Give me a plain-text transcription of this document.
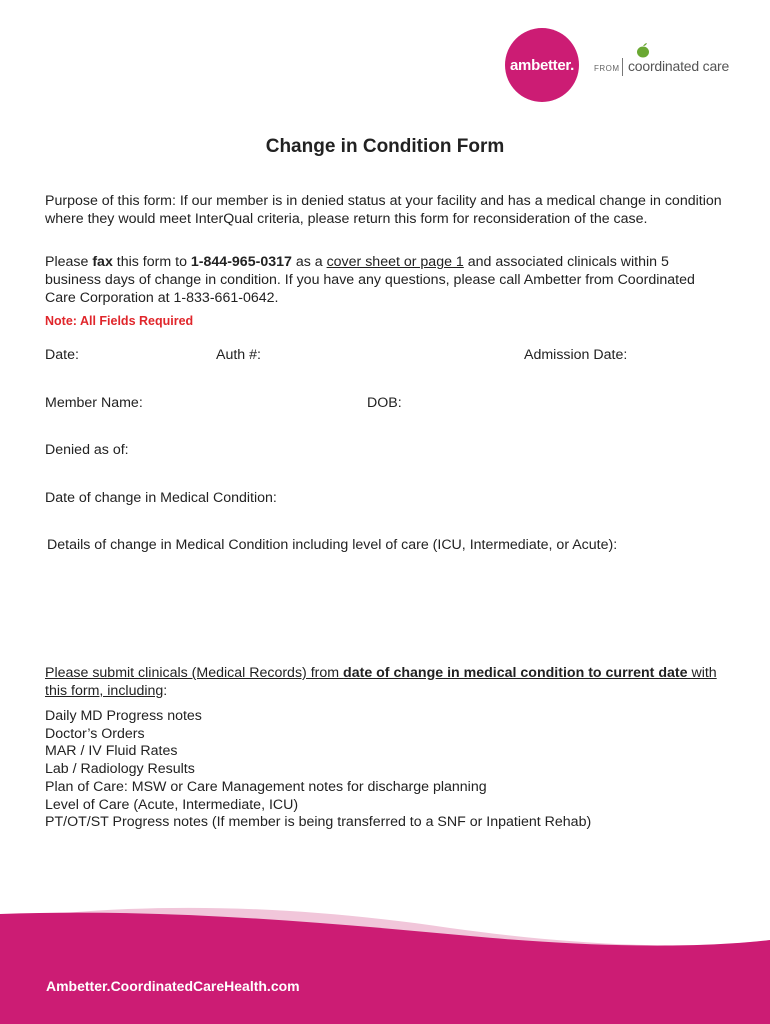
ambetter.	FROM coordinated care
Change in Condition Form
Purpose of this form: If our member is in denied status at your facility and has a medical change in condition where they would meet InterQual criteria, please return this form for reconsideration of the case.
Please fax this form to 1-844-965-0317 as a cover sheet or page 1 and associated clinicals within 5 business days of change in condition. If you have any questions, please call Ambetter from Coordinated Care Corporation at 1-833-661-0642.
Note: All Fields Required
Date:	Auth #:	Admission Date:
Member Name:	DOB:
Denied as of:
Date of change in Medical Condition:
Details of change in Medical Condition including level of care (ICU, Intermediate, or Acute):
Please submit clinicals (Medical Records) from date of change in medical condition to current date with this form, including:
Daily MD Progress notes
Doctor’s Orders
MAR / IV Fluid Rates
Lab / Radiology Results
Plan of Care: MSW or Care Management notes for discharge planning
Level of Care (Acute, Intermediate, ICU)
PT/OT/ST Progress notes (If member is being transferred to a SNF or Inpatient Rehab)
Ambetter.CoordinatedCareHealth.com
